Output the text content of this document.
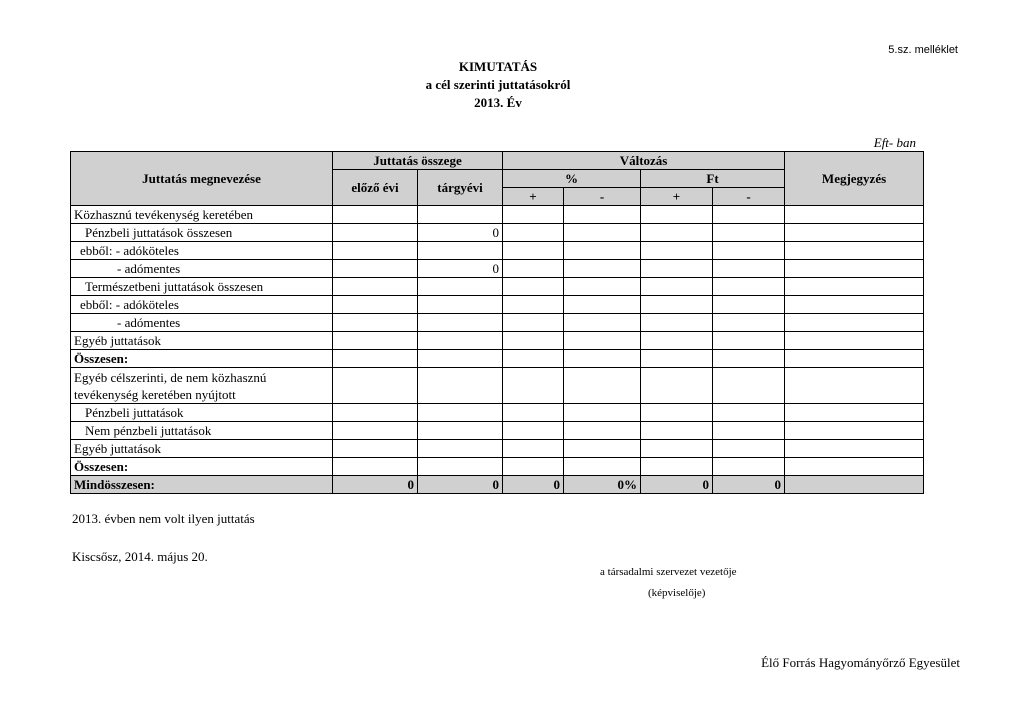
5.sz. melléklet
KIMUTATÁS
a cél szerinti juttatásokról
2013. Év
Eft- ban
Juttatás megnevezése	Juttatás összege		Változás				Megjegyzés
	előző évi	tárgyévi	%		Ft		
			+	-	+	-	
Közhasznú tevékenység keretében							
Pénzbeli juttatások összesen		0					
ebből: - adóköteles							
- adómentes		0					
Természetbeni juttatások összesen							
ebből: - adóköteles							
- adómentes							
Egyéb juttatások							
Összesen:							
Egyéb célszerinti, de nem közhasznú tevékenység keretében nyújtott							
Pénzbeli juttatások							
Nem pénzbeli juttatások							
Egyéb juttatások							
Összesen:							
Mindösszesen:	0	0	0	0%	0	0	
2013. évben nem volt ilyen juttatás
Kiscsősz, 2014. május 20.
a társadalmi szervezet vezetője
(képviselője)
Élő Forrás Hagyományőrző Egyesület
